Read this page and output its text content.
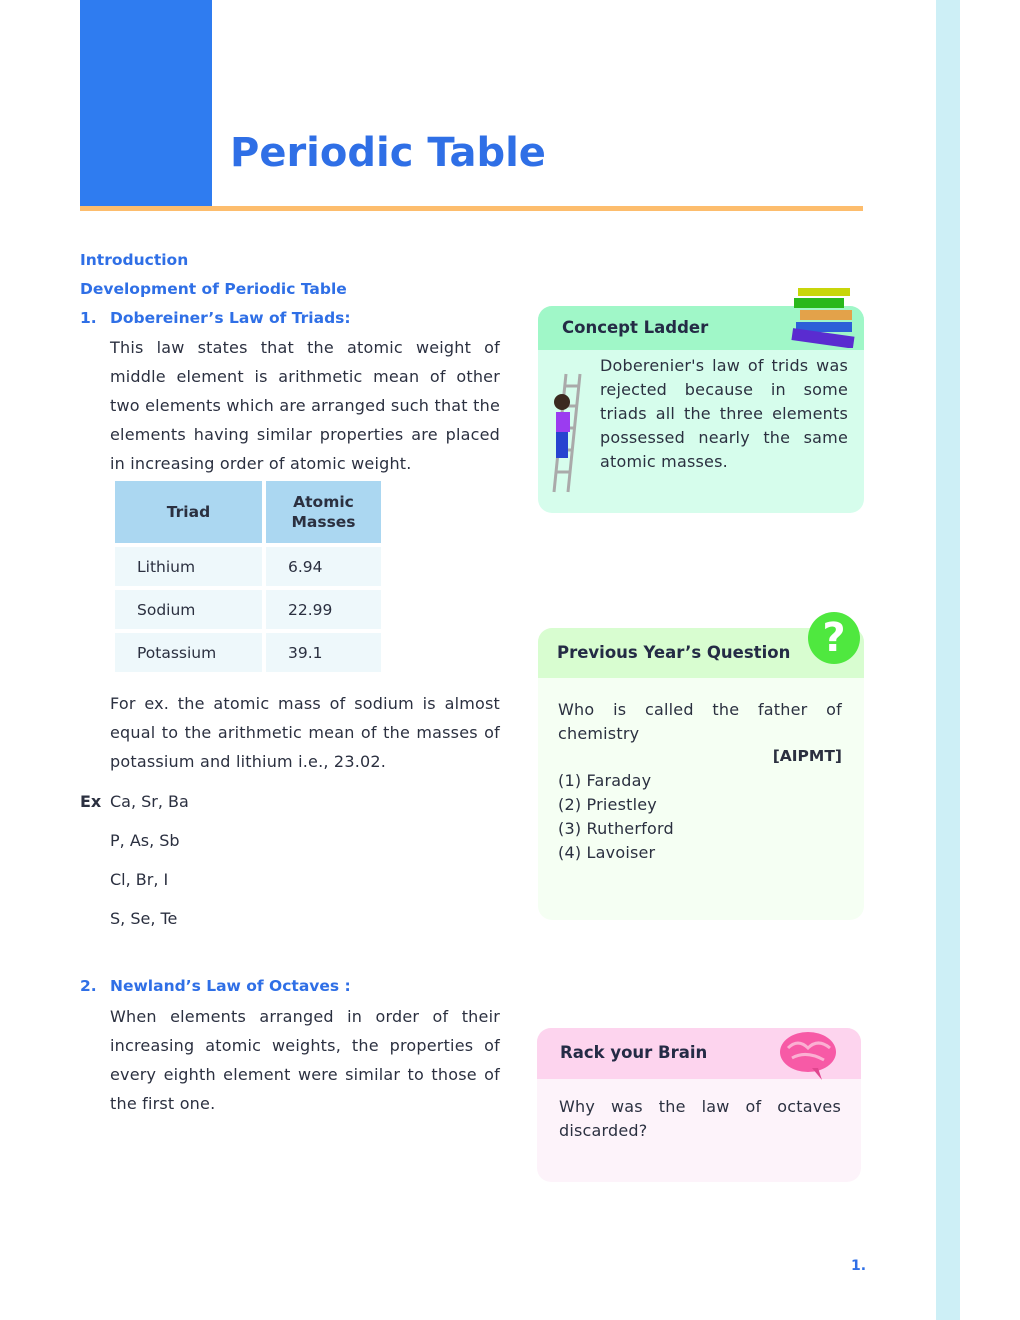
Periodic Table
Introduction
Development of Periodic Table
1. Dobereiner’s Law of Triads:
This law states that the atomic weight of middle element is arithmetic mean of other two elements which are arranged such that the elements having similar properties are placed in increasing order of atomic weight.
Triad	Atomic Masses
Lithium	6.94
Sodium	22.99
Potassium	39.1
For ex. the atomic mass of sodium is almost equal to the arithmetic mean of the masses of potassium and lithium i.e., 23.02.
Ex Ca, Sr, Ba
P, As, Sb
Cl, Br, I
S, Se, Te
2. Newland’s Law of Octaves :
When elements arranged in order of their increasing atomic weights, the properties of every eighth element were similar to those of the first one.
Concept Ladder
Doberenier's law of trids was rejected because in some triads all the three elements possessed nearly the same atomic masses.
Previous Year’s Question
Who is called the father of chemistry
[AIPMT]
(1) Faraday
(2) Priestley
(3) Rutherford
(4) Lavoiser
?
Rack your Brain
Why was the law of octaves discarded?
1.
